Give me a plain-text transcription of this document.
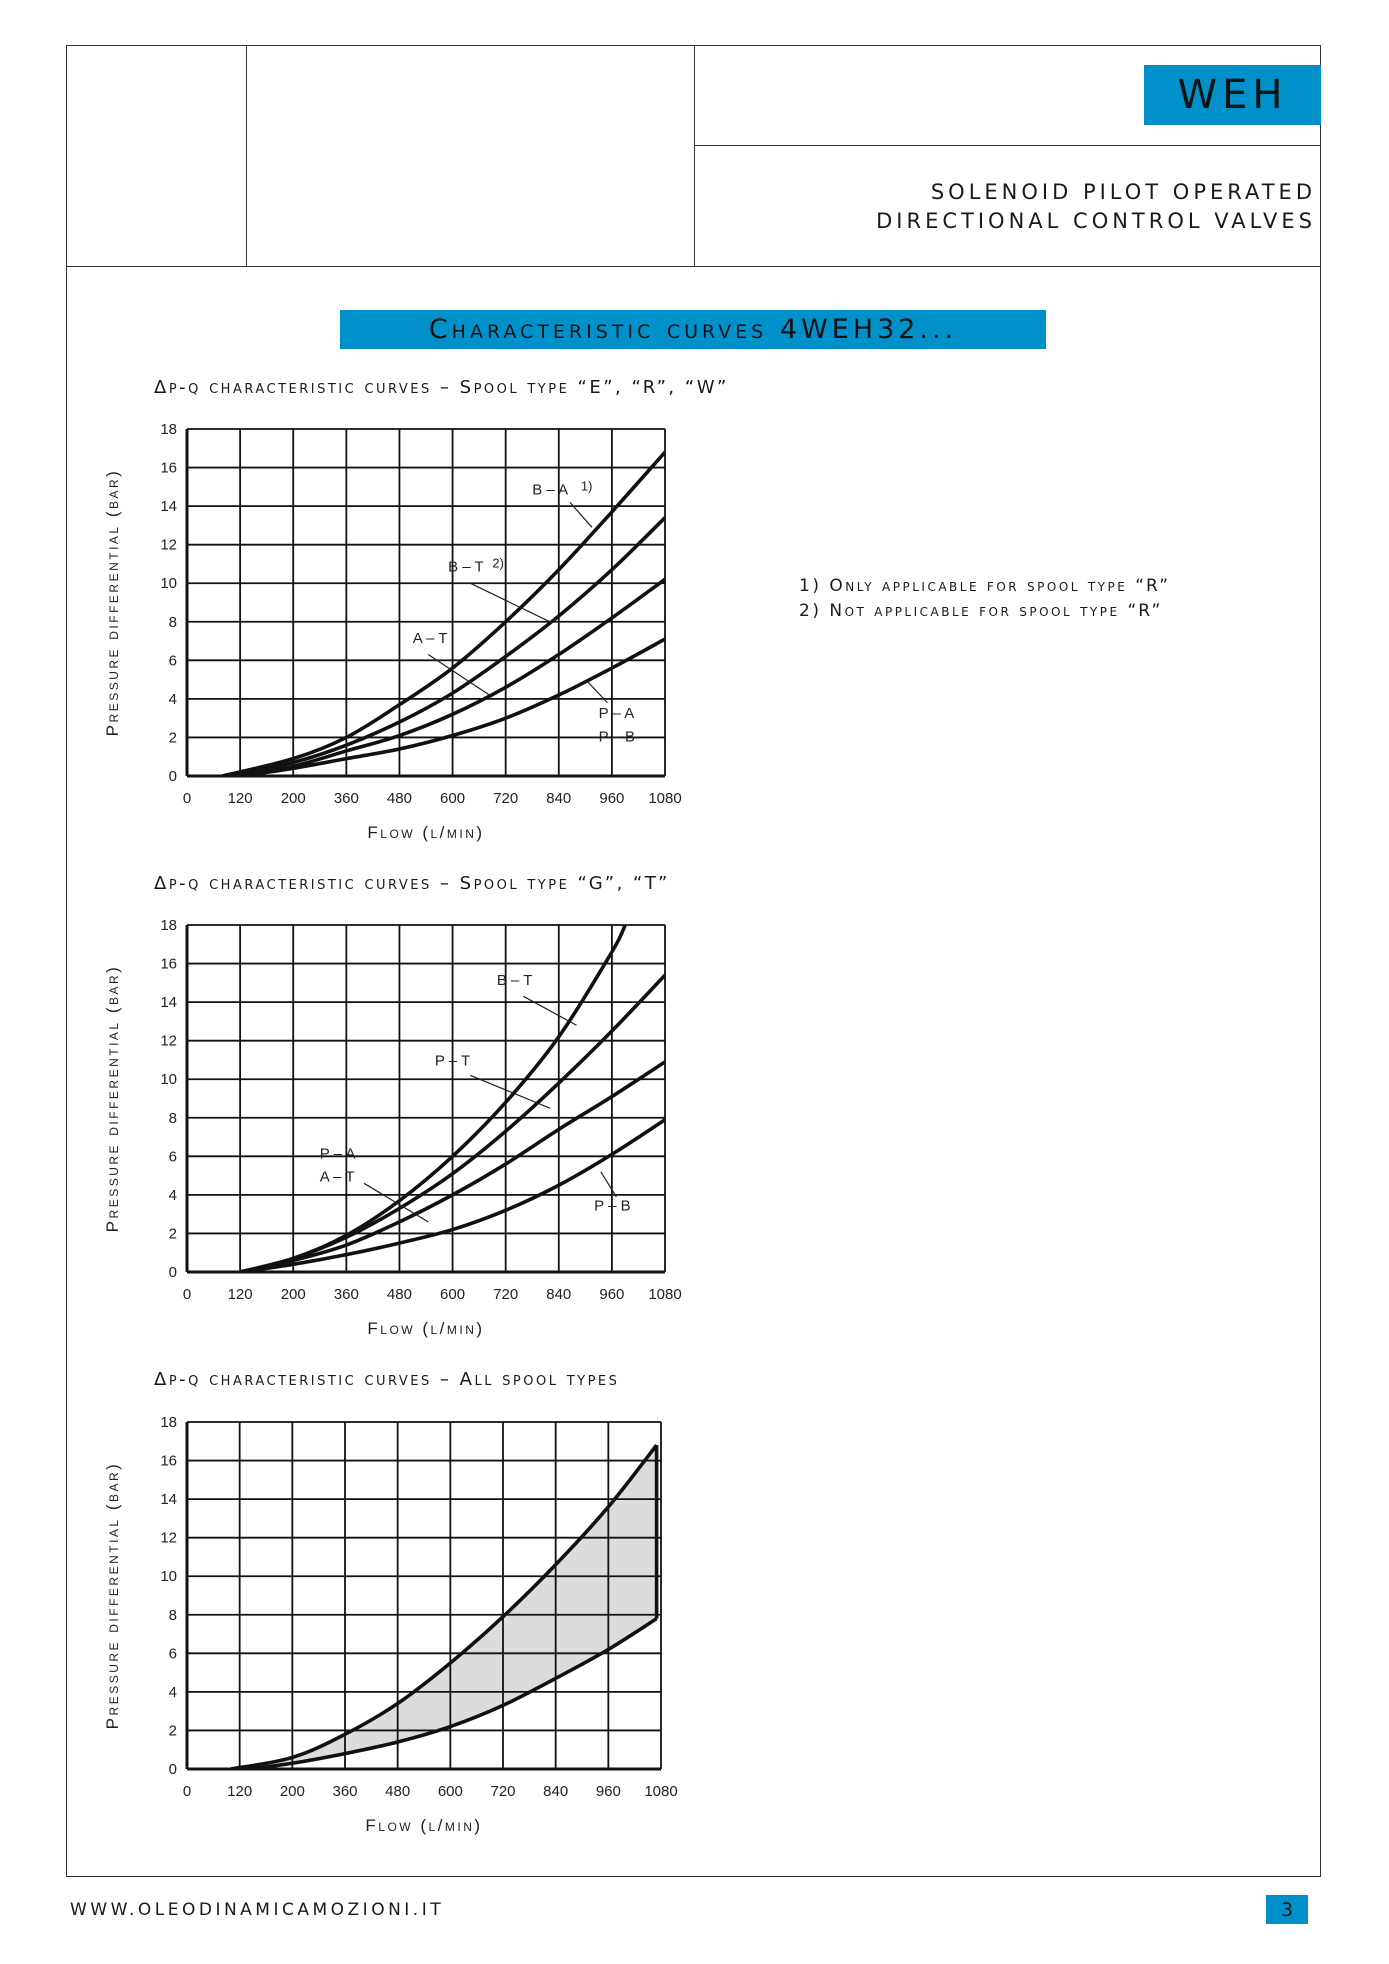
WEH
SOLENOID PILOT OPERATED
DIRECTIONAL CONTROL VALVES
Characteristic curves 4WEH32...
Δp-q characteristic curves – Spool type “E”, “R”, “W”
Δp-q characteristic curves – Spool type “G”, “T”
Δp-q characteristic curves – All spool types
1) Only applicable for spool type “R”
2) Not applicable for spool type “R”
0 120 200 360 480 600 720 840 960 1080
0
2
4
6
8
10
12
14
16
18
Flow (l/min)
Pressure differential (bar)	B – A 1)
B – T 2)
A – T
P – A
P – B
0 120 200 360 480 600 720 840 960 1080
0
2
4
6
8
10
12
14
16
18
Flow (l/min)
Pressure differential (bar)	B – T
P – T
P – A
A – T
P – B
0 120 200 360 480 600 720 840 960 1080
0
2
4
6
8
10
12
14
16
18
Flow (l/min)
Pressure differential (bar)
WWW.OLEODINAMICAMOZIONI.IT	3
